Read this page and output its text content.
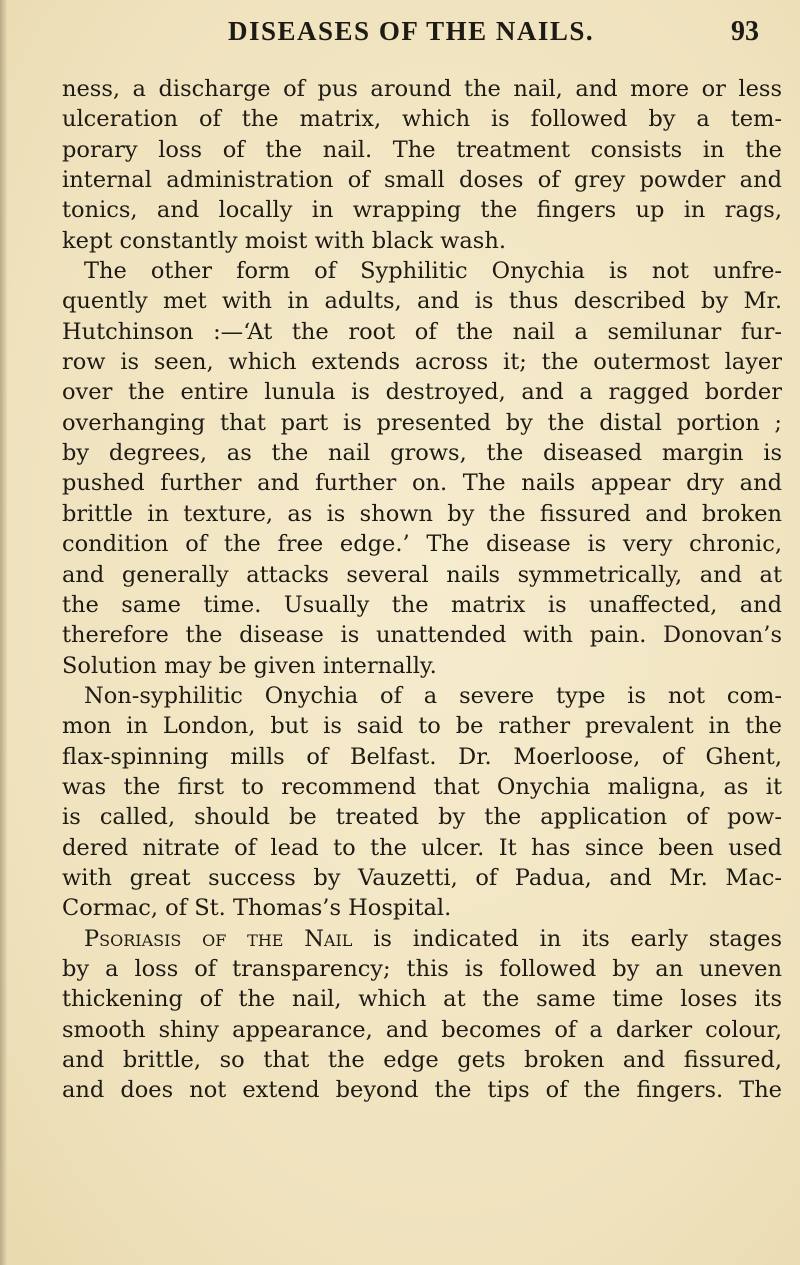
DISEASES OF THE NAILS.	93
ness, a discharge of pus around the nail, and more or less
ulceration of the matrix, which is followed by a tem-
porary loss of the nail. The treatment consists in the
internal administration of small doses of grey powder and
tonics, and locally in wrapping the fingers up in rags,
kept constantly moist with black wash.
The other form of Syphilitic Onychia is not unfre-
quently met with in adults, and is thus described by Mr.
Hutchinson :—‘At the root of the nail a semilunar fur-
row is seen, which extends across it; the outermost layer
over the entire lunula is destroyed, and a ragged border
overhanging that part is presented by the distal portion ;
by degrees, as the nail grows, the diseased margin is
pushed further and further on. The nails appear dry and
brittle in texture, as is shown by the fissured and broken
condition of the free edge.’ The disease is very chronic,
and generally attacks several nails symmetrically, and at
the same time. Usually the matrix is unaffected, and
therefore the disease is unattended with pain. Donovan’s
Solution may be given internally.
Non-syphilitic Onychia of a severe type is not com-
mon in London, but is said to be rather prevalent in the
flax-spinning mills of Belfast. Dr. Moerloose, of Ghent,
was the first to recommend that Onychia maligna, as it
is called, should be treated by the application of pow-
dered nitrate of lead to the ulcer. It has since been used
with great success by Vauzetti, of Padua, and Mr. Mac-
Cormac, of St. Thomas’s Hospital.
Psoriasis of the Nail is indicated in its early stages
by a loss of transparency; this is followed by an uneven
thickening of the nail, which at the same time loses its
smooth shiny appearance, and becomes of a darker colour,
and brittle, so that the edge gets broken and fissured,
and does not extend beyond the tips of the fingers. The
